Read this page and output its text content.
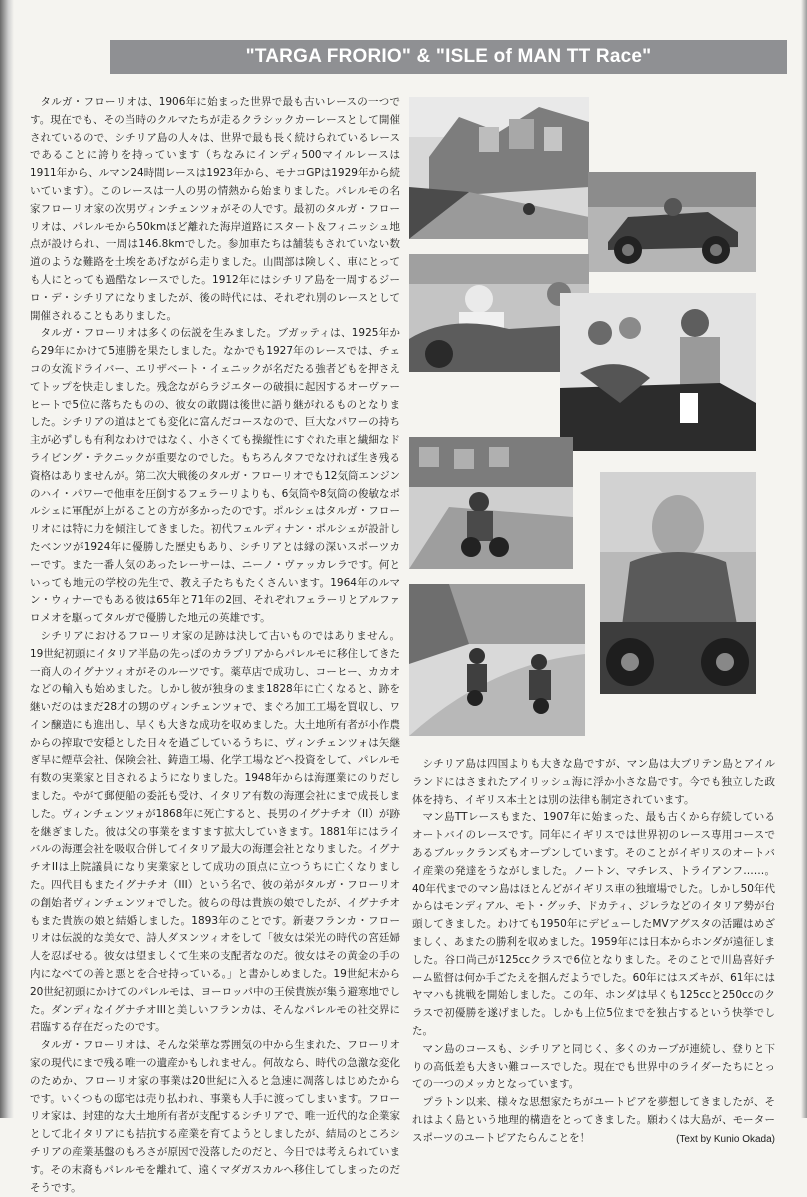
"TARGA FRORIO" & "ISLE of MAN TT Race"

タルガ・フローリオは、1906年に始まった世界で最も古いレースの一つです。現在でも、その当時のクルマたちが走るクラシックカーレースとして開催されているので、シチリア島の人々は、世界で最も長く続けられているレースであることに誇りを持っています（ちなみにインディ500マイルレースは1911年から、ルマン24時間レースは1923年から、モナコGPは1929年から続いています）。このレースは一人の男の情熱から始まりました。パレルモの名家フローリオ家の次男ヴィンチェンツォがその人です。最初のタルガ・フローリオは、パレルモから50kmほど離れた海岸道路にスタート＆フィニッシュ地点が設けられ、一周は146.8kmでした。参加車たちは舗装もされていない数道のような難路を土埃をあげながら走りました。山間部は険しく、車にとっても人にとっても過酷なレースでした。1912年にはシチリア島を一周するジーロ・デ・シチリアになりましたが、後の時代には、それぞれ別のレースとして開催されることもありました。

タルガ・フローリオは多くの伝説を生みました。ブガッティは、1925年から29年にかけて5連勝を果たしました。なかでも1927年のレースでは、チェコの女流ドライバー、エリザベート・イェニックが名だたる強者どもを押さえてトップを快走しました。残念ながらラジエターの破損に起因するオーヴァーヒートで5位に落ちたものの、彼女の敢闘は後世に語り継がれるものとなりました。シチリアの道はとても変化に富んだコースなので、巨大なパワーの持ち主が必ずしも有利なわけではなく、小さくても操縦性にすぐれた車と繊細なドライビング・テクニックが重要なのでした。もちろんタフでなければ生き残る資格はありませんが。第二次大戦後のタルガ・フローリオでも12気筒エンジンのハイ・パワーで他車を圧倒するフェラーリよりも、6気筒や8気筒の俊敏なポルシェに軍配が上がることの方が多かったのです。ポルシェはタルガ・フローリオには特に力を傾注してきました。初代フェルディナン・ポルシェが設計したベンツが1924年に優勝した歴史もあり、シチリアとは縁の深いスポーツカーです。また一番人気のあったレーサーは、ニーノ・ヴァッカレラです。何といっても地元の学校の先生で、教え子たちもたくさんいます。1964年のルマン・ウィナーでもある彼は65年と71年の2回、それぞれフェラーリとアルファロメオを駆ってタルガで優勝した地元の英雄です。

シチリアにおけるフローリオ家の足跡は決して古いものではありません。19世紀初頭にイタリア半島の先っぽのカラブリアからパレルモに移住してきた一商人のイグナツィオがそのルーツです。薬草店で成功し、コーヒー、カカオなどの輸入も始めました。しかし彼が独身のまま1828年に亡くなると、跡を継いだのはまだ28才の甥のヴィンチェンツォで、まぐろ加工工場を買収し、ワイン醸造にも進出し、早くも大きな成功を収めました。大土地所有者が小作農からの搾取で安穏とした日々を過ごしているうちに、ヴィンチェンツォは矢継ぎ早に煙草会社、保険会社、鋳造工場、化学工場などへ投資をして、パレルモ有数の実業家と目されるようになりました。1948年からは海運業にのりだしました。やがて郵便船の委託も受け、イタリア有数の海運会社にまで成長しました。ヴィンチェンツォが1868年に死亡すると、長男のイグナチオ（II）が跡を継ぎました。彼は父の事業をますます拡大していきます。1881年にはライバルの海運会社を吸収合併してイタリア最大の海運会社となりました。イグナチオIIは上院議員になり実業家として成功の頂点に立つうちに亡くなりました。四代目もまたイグナチオ（III）という名で、彼の弟がタルガ・フローリオの創始者ヴィンチェンツォでした。彼らの母は貴族の娘でしたが、イグナチオもまた貴族の娘と結婚しました。1893年のことです。新妻フランカ・フローリオは伝説的な美女で、詩人ダヌンツィオをして「彼女は栄光の時代の宮廷婦人を忍ばせる。彼女は望ましくて生来の支配者なのだ。彼女はその黄金の手の内になべての善と悪とを合せ持っている。」と書かしめました。19世紀末から20世紀初頭にかけてのパレルモは、ヨーロッパ中の王侯貴族が集う避寒地でした。ダンディなイグナチオIIIと美しいフランカは、そんなパレルモの社交界に君臨する存在だったのです。

タルガ・フローリオは、そんな栄華な雰囲気の中から生まれた、フローリオ家の現代にまで残る唯一の遺産かもしれません。何故なら、時代の急激な変化のためか、フローリオ家の事業は20世紀に入ると急速に凋落しはじめたからです。いくつもの邸宅は売り払われ、事業も人手に渡ってしまいます。フローリオ家は、封建的な大土地所有者が支配するシチリアで、唯一近代的な企業家として北イタリアにも拮抗する産業を育てようとしましたが、結局のところシチリアの産業基盤のもろさが原因で没落したのだと、今日では考えられています。その末裔もパレルモを離れて、遠くマダガスカルへ移住してしまったのだそうです。

シチリア島は四国よりも大きな島ですが、マン島は大ブリテン島とアイルランドにはさまれたアイリッシュ海に浮か小さな島です。今でも独立した政体を持ち、イギリス本土とは別の法律も制定されています。

マン島TTレースもまた、1907年に始まった、最も古くから存続しているオートバイのレースです。同年にイギリスでは世界初のレース専用コースであるブルックランズもオープンしています。そのことがイギリスのオートバイ産業の発達をうながしました。ノートン、マチレス、トライアンフ……。40年代までのマン島はほとんどがイギリス車の独壇場でした。しかし50年代からはモンディアル、モト・グッチ、ドカティ、ジレラなどのイタリア勢が台頭してきました。わけても1950年にデビューしたMVアグスタの活躍はめざましく、あまたの勝利を収めました。1959年には日本からホンダが遠征しました。谷口尚己が125ccクラスで6位となりました。そのことで川島喜好チーム監督は何か手ごたえを掴んだようでした。60年にはスズキが、61年にはヤマハも挑戦を開始しました。この年、ホンダは早くも125ccと250ccのクラスで初優勝を遂げました。しかも上位5位までを独占するという快挙でした。

マン島のコースも、シチリアと同じく、多くのカーブが連続し、登りと下りの高低差も大きい難コースでした。現在でも世界中のライダーたちにとっての一つのメッカとなっています。

プラトン以来、様々な思想家たちがユートピアを夢想してきましたが、それはよく島という地理的構造をとってきました。願わくは大島が、モータースポーツのユートピアたらんことを！	(Text by Kunio Okada)
